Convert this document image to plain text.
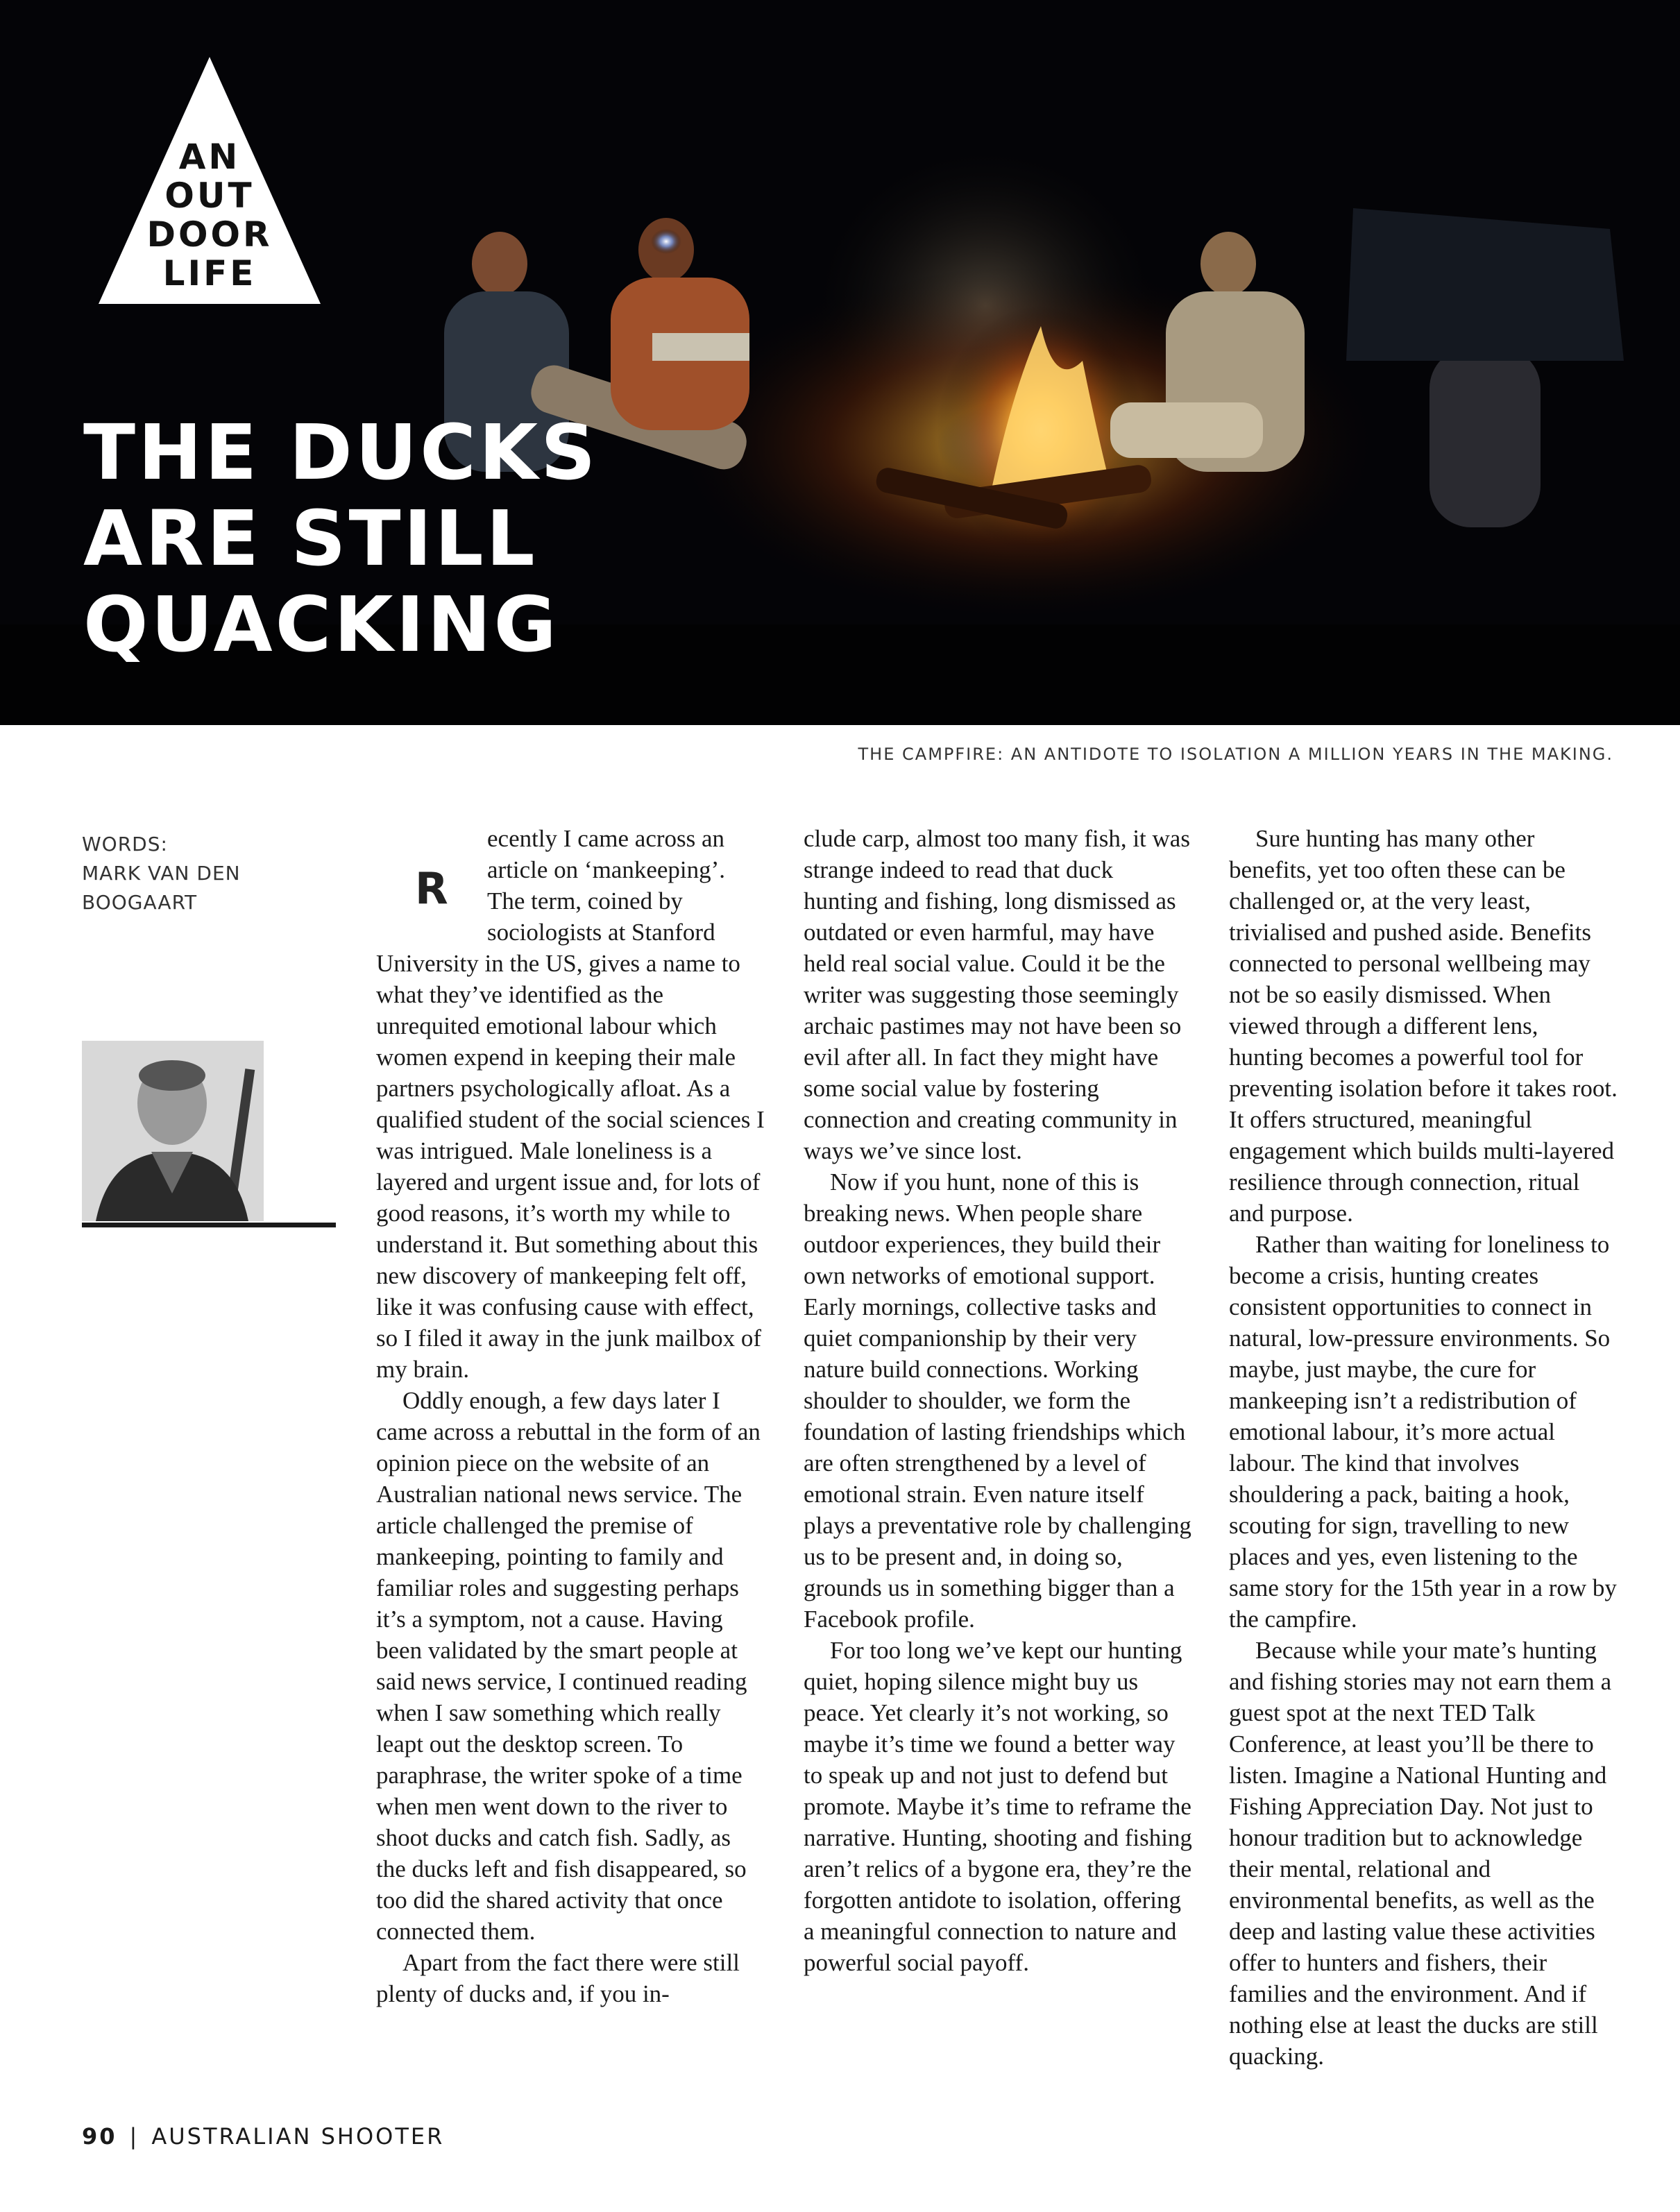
AN
OUT
DOOR
LIFE
THE DUCKS
ARE STILL
QUACKING
THE CAMPFIRE: AN ANTIDOTE TO ISOLATION A MILLION YEARS IN THE MAKING.
WORDS:
MARK VAN DEN
BOOGAART	R
ecently I came across an article on ‘mankeeping’. The term, coined by sociologists at Stanford University in the US, gives a name to what they’ve identified as the unrequited emotional labour which women expend in keeping their male partners psychologically afloat. As a qualified student of the social sciences I was intrigued. Male loneliness is a layered and urgent issue and, for lots of good reasons, it’s worth my while to understand it. But something about this new discovery of mankeeping felt off, like it was confusing cause with effect, so I filed it away in the junk mailbox of my brain.

Oddly enough, a few days later I came across a rebuttal in the form of an opinion piece on the website of an Australian national news service. The article challenged the premise of mankeeping, pointing to family and familiar roles and suggesting perhaps it’s a symptom, not a cause. Having been validated by the smart people at said news service, I continued reading when I saw something which really leapt out the desktop screen. To paraphrase, the writer spoke of a time when men went down to the river to shoot ducks and catch fish. Sadly, as the ducks left and fish disappeared, so too did the shared activity that once connected them.

Apart from the fact there were still plenty of ducks and, if you in-

clude carp, almost too many fish, it was strange indeed to read that duck hunting and fishing, long dismissed as outdated or even harmful, may have held real social value. Could it be the writer was suggesting those seemingly archaic pastimes may not have been so evil after all. In fact they might have some social value by fostering connection and creating community in ways we’ve since lost.

Now if you hunt, none of this is breaking news. When people share outdoor experiences, they build their own networks of emotional support. Early mornings, collective tasks and quiet companionship by their very nature build connections. Working shoulder to shoulder, we form the foundation of lasting friendships which are often strengthened by a level of emotional strain. Even nature itself plays a preventative role by challenging us to be present and, in doing so, grounds us in something bigger than a Facebook profile.

For too long we’ve kept our hunting quiet, hoping silence might buy us peace. Yet clearly it’s not working, so maybe it’s time we found a better way to speak up and not just to defend but promote. Maybe it’s time to reframe the narrative. Hunting, shooting and fishing aren’t relics of a bygone era, they’re the forgotten antidote to isolation, offering a meaningful connection to nature and powerful social payoff.

Sure hunting has many other benefits, yet too often these can be challenged or, at the very least, trivialised and pushed aside. Benefits connected to personal wellbeing may not be so easily dismissed. When viewed through a different lens, hunting becomes a powerful tool for preventing isolation before it takes root. It offers structured, meaningful engagement which builds multi-layered resilience through connection, ritual and purpose.

Rather than waiting for loneliness to become a crisis, hunting creates consistent opportunities to connect in natural, low-pressure environments. So maybe, just maybe, the cure for mankeeping isn’t a redistribution of emotional labour, it’s more actual labour. The kind that involves shouldering a pack, baiting a hook, scouting for sign, travelling to new places and yes, even listening to the same story for the 15th year in a row by the campfire.

Because while your mate’s hunting and fishing stories may not earn them a guest spot at the next TED Talk Conference, at least you’ll be there to listen. Imagine a National Hunting and Fishing Appreciation Day. Not just to honour tradition but to acknowledge their mental, relational and environmental benefits, as well as the deep and lasting value these activities offer to hunters and fishers, their families and the environment. And if nothing else at least the ducks are still quacking.

90 | AUSTRALIAN SHOOTER
